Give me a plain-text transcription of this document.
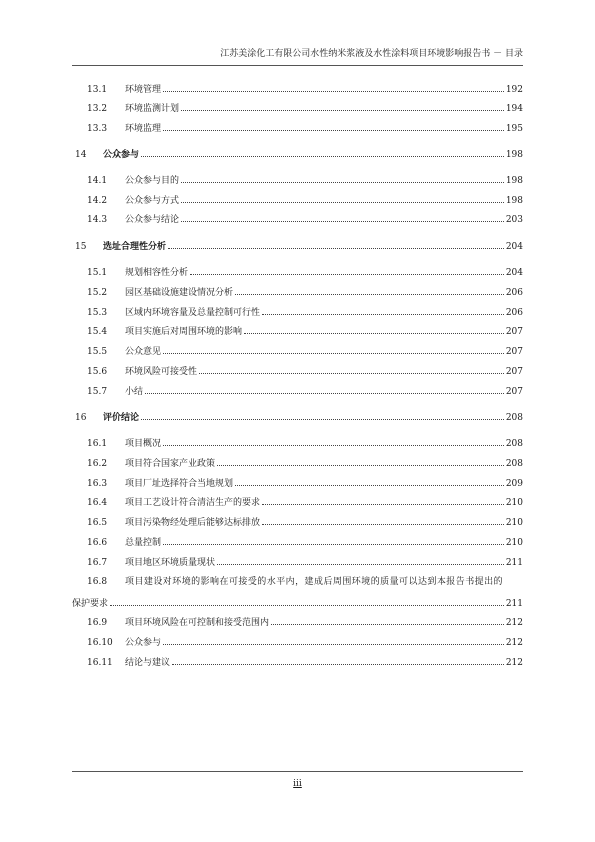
江苏美涂化工有限公司水性纳米浆液及水性涂料项目环境影响报告书 － 目录
13.1	环境管理	192
13.2	环境监测计划	194
13.3	环境监理	195
14	公众参与	198
14.1	公众参与目的	198
14.2	公众参与方式	198
14.3	公众参与结论	203
15	选址合理性分析	204
15.1	规划相容性分析	204
15.2	园区基础设施建设情况分析	206
15.3	区域内环境容量及总量控制可行性	206
15.4	项目实施后对周围环境的影响	207
15.5	公众意见	207
15.6	环境风险可接受性	207
15.7	小结	207
16	评价结论	208
16.1	项目概况	208
16.2	项目符合国家产业政策	208
16.3	项目厂址选择符合当地规划	209
16.4	项目工艺设计符合清洁生产的要求	210
16.5	项目污染物经处理后能够达标排放	210
16.6	总量控制	210
16.7	项目地区环境质量现状	211
16.8	项目建设对环境的影响在可接受的水平内，建成后周围环境的质量可以达到本报告书提出的
保护要求	211
16.9	项目环境风险在可控制和接受范围内	212
16.10	公众参与	212
16.11	结论与建议	212
iii
